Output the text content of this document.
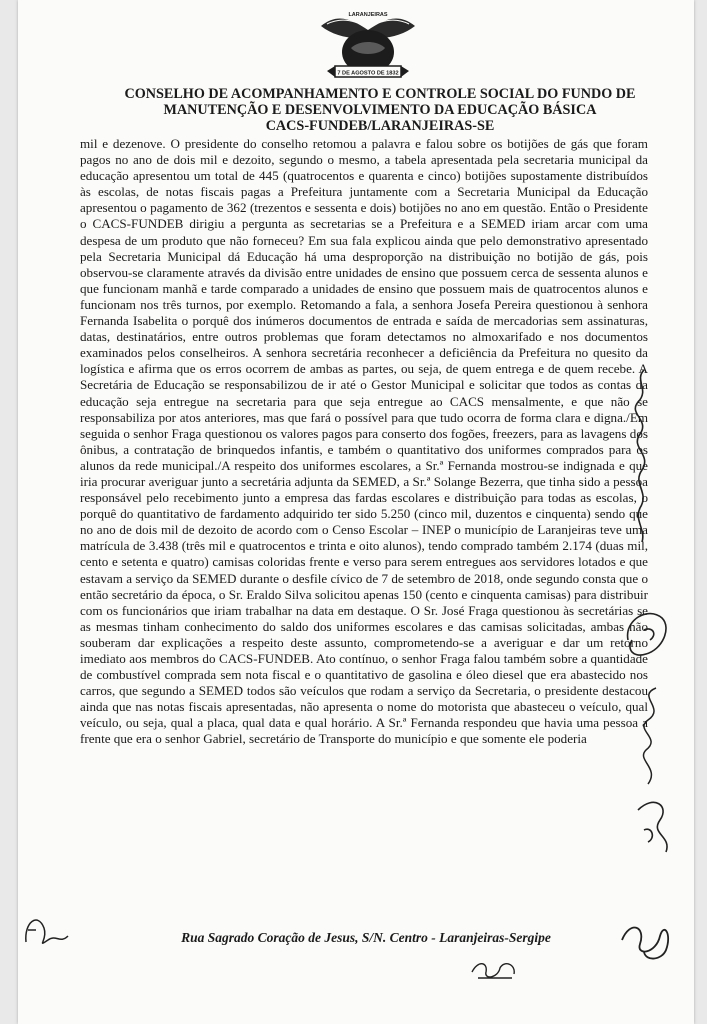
LARANJEIRAS
7 DE AGOSTO DE 1832
CONSELHO DE ACOMPANHAMENTO E CONTROLE SOCIAL DO FUNDO DE
MANUTENÇÃO E DESENVOLVIMENTO DA EDUCAÇÃO BÁSICA
CACS-FUNDEB/LARANJEIRAS-SE

mil e dezenove. O presidente do conselho retomou a palavra e falou sobre os botijões de gás que foram pagos no ano de dois mil e dezoito, segundo o mesmo, a tabela apresentada pela secretaria municipal da educação apresentou um total de 445 (quatrocentos e quarenta e cinco) botijões supostamente distribuídos às escolas, de notas fiscais pagas a Prefeitura juntamente com a Secretaria Municipal da Educação apresentou o pagamento de 362 (trezentos e sessenta e dois) botijões no ano em questão. Então o Presidente o CACS-FUNDEB dirigiu a pergunta as secretarias se a Prefeitura e a SEMED iriam arcar com uma despesa de um produto que não forneceu? Em sua fala explicou ainda que pelo demonstrativo apresentado pela Secretaria Municipal dá Educação há uma desproporção na distribuição no botijão de gás, pois observou-se claramente através da divisão entre unidades de ensino que possuem cerca de sessenta alunos e que funcionam manhã e tarde comparado a unidades de ensino que possuem mais de quatrocentos alunos e funcionam nos três turnos, por exemplo. Retomando a fala, a senhora Josefa Pereira questionou à senhora Fernanda Isabelita o porquê dos inúmeros documentos de entrada e saída de mercadorias sem assinaturas, datas, destinatários, entre outros problemas que foram detectamos no almoxarifado e nos documentos examinados pelos conselheiros. A senhora secretária reconhecer a deficiência da Prefeitura no quesito da logística e afirma que os erros ocorrem de ambas as partes, ou seja, de quem entrega e de quem recebe. A Secretária de Educação se responsabilizou de ir até o Gestor Municipal e solicitar que todos as contas da educação seja entregue na secretaria para que seja entregue ao CACS mensalmente, e que não se responsabiliza por atos anteriores, mas que fará o possível para que tudo ocorra de forma clara e digna./Em seguida o senhor Fraga questionou os valores pagos para conserto dos fogões, freezers, para as lavagens dos ônibus, a contratação de brinquedos infantis, e também o quantitativo dos uniformes comprados para os alunos da rede municipal./A respeito dos uniformes escolares, a Sr.ª Fernanda mostrou-se indignada e que iria procurar averiguar junto a secretária adjunta da SEMED, a Sr.ª Solange Bezerra, que tinha sido a pessoa responsável pelo recebimento junto a empresa das fardas escolares e distribuição para todas as escolas, o porquê do quantitativo de fardamento adquirido ter sido 5.250 (cinco mil, duzentos e cinquenta) sendo que no ano de dois mil de dezoito de acordo com o Censo Escolar – INEP o município de Laranjeiras teve uma matrícula de 3.438 (três mil e quatrocentos e trinta e oito alunos), tendo comprado também 2.174 (duas mil, cento e setenta e quatro) camisas coloridas frente e verso para serem entregues aos servidores lotados e que estavam a serviço da SEMED durante o desfile cívico de 7 de setembro de 2018, onde segundo consta que o então secretário da época, o Sr. Eraldo Silva solicitou apenas 150 (cento e cinquenta camisas) para distribuir com os funcionários que iriam trabalhar na data em destaque. O Sr. José Fraga questionou às secretárias se as mesmas tinham conhecimento do saldo dos uniformes escolares e das camisas solicitadas, ambas não souberam dar explicações a respeito deste assunto, comprometendo-se a averiguar e dar um retorno imediato aos membros do CACS-FUNDEB. Ato contínuo, o senhor Fraga falou também sobre a quantidade de combustível comprada sem nota fiscal e o quantitativo de gasolina e óleo diesel que era abastecido nos carros, que segundo a SEMED todos são veículos que rodam a serviço da Secretaria, o presidente destacou ainda que nas notas fiscais apresentadas, não apresenta o nome do motorista que abasteceu o veículo, qual veículo, ou seja, qual a placa, qual data e qual horário. A Sr.ª Fernanda respondeu que havia uma pessoa a frente que era o senhor Gabriel, secretário de Transporte do município e que somente ele poderia

Rua Sagrado Coração de Jesus, S/N. Centro - Laranjeiras-Sergipe
